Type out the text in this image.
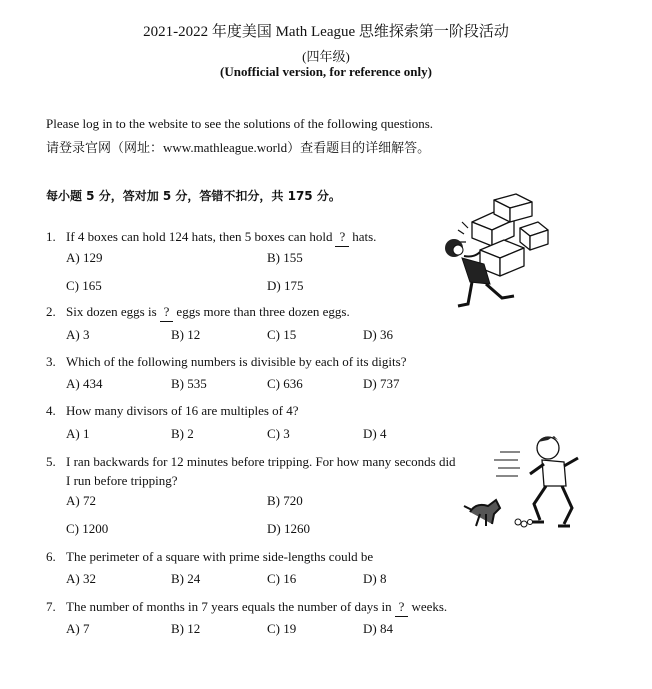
2021-2022 年度美国 Math League 思维探索第一阶段活动
(四年级)
(Unofficial version, for reference only)
Please log in to the website to see the solutions of the following questions.
请登录官网（网址：www.mathleague.world）查看题目的详细解答。
每小题 5 分，答对加 5 分，答错不扣分，共 175 分。
1. If 4 boxes can hold 124 hats, then 5 boxes can hold ? hats.
A) 129	B) 155
C) 165	D) 175
2. Six dozen eggs is ? eggs more than three dozen eggs.
A) 3	B) 12	C) 15	D) 36
3. Which of the following numbers is divisible by each of its digits?
A) 434	B) 535	C) 636	D) 737
4. How many divisors of 16 are multiples of 4?
A) 1	B) 2	C) 3	D) 4
5. I ran backwards for 12 minutes before tripping. For how many seconds did
I run before tripping?
A) 72	B) 720
C) 1200	D) 1260
6. The perimeter of a square with prime side-lengths could be
A) 32	B) 24	C) 16	D) 8
7. The number of months in 7 years equals the number of days in ? weeks.
A) 7	B) 12	C) 19	D) 84
